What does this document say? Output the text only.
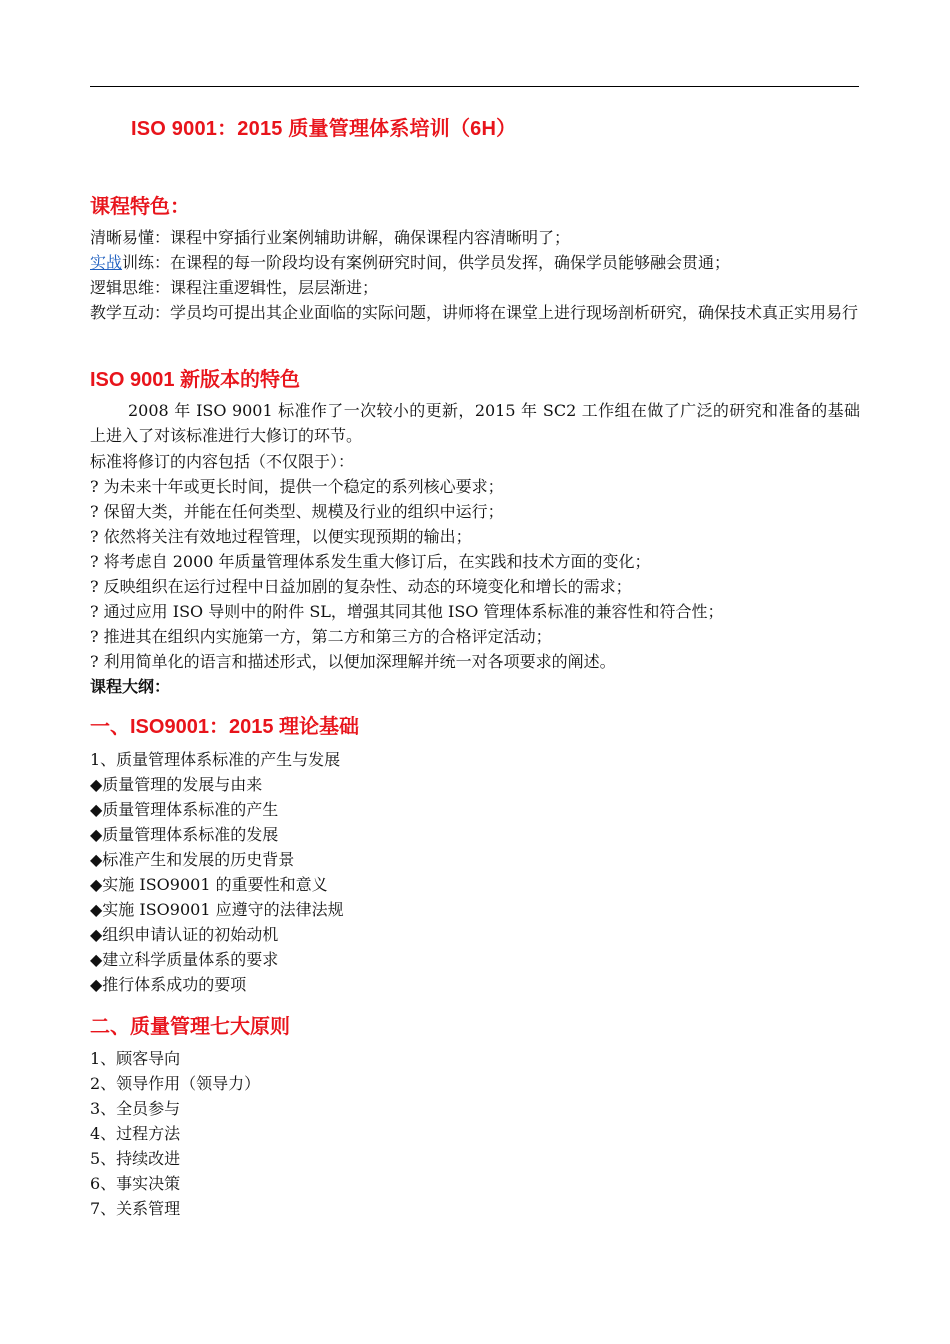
ISO 9001：2015 质量管理体系培训（6H）
课程特色：
清晰易懂：课程中穿插行业案例辅助讲解，确保课程内容清晰明了；
实战训练：在课程的每一阶段均设有案例研究时间，供学员发挥，确保学员能够融会贯通；
逻辑思维：课程注重逻辑性，层层渐进；
教学互动：学员均可提出其企业面临的实际问题，讲师将在课堂上进行现场剖析研究，确保技术真正实用易行
ISO 9001 新版本的特色
2008 年 ISO 9001 标准作了一次较小的更新，2015 年 SC2 工作组在做了广泛的研究和准备的基础上进入了对该标准进行大修订的环节。
标准将修订的内容包括（不仅限于）：
? 为未来十年或更长时间，提供一个稳定的系列核心要求；
? 保留大类，并能在任何类型、规模及行业的组织中运行；
? 依然将关注有效地过程管理，以便实现预期的输出；
? 将考虑自 2000 年质量管理体系发生重大修订后，在实践和技术方面的变化；
? 反映组织在运行过程中日益加剧的复杂性、动态的环境变化和增长的需求；
? 通过应用 ISO 导则中的附件 SL，增强其同其他 ISO 管理体系标准的兼容性和符合性；
? 推进其在组织内实施第一方，第二方和第三方的合格评定活动；
? 利用简单化的语言和描述形式，以便加深理解并统一对各项要求的阐述。
课程大纲：
一、ISO9001：2015 理论基础
1、质量管理体系标准的产生与发展
◆质量管理的发展与由来
◆质量管理体系标准的产生
◆质量管理体系标准的发展
◆标准产生和发展的历史背景
◆实施 ISO9001 的重要性和意义
◆实施 ISO9001 应遵守的法律法规
◆组织申请认证的初始动机
◆建立科学质量体系的要求
◆推行体系成功的要项
二、质量管理七大原则
1、顾客导向
2、领导作用（领导力）
3、全员参与
4、过程方法
5、持续改进
6、事实决策
7、关系管理
